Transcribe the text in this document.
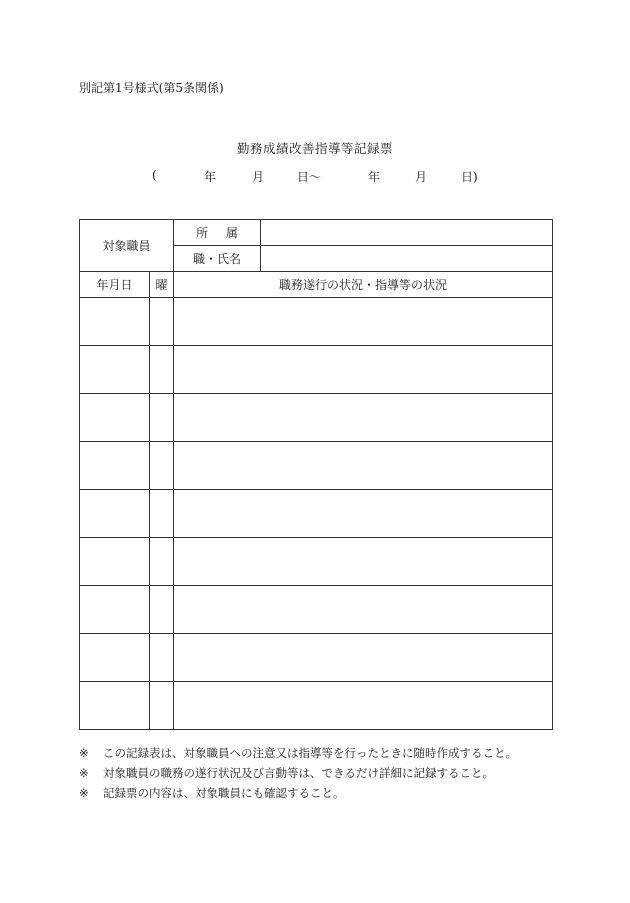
別記第1号様式(第5条関係)
勤務成績改善指導等記録票
(	年	月	日〜	年	月	日)
対象職員		所 属	
		職・氏名	
年月日	曜	職務遂行の状況・指導等の状況	

※ この記録表は、対象職員への注意又は指導等を行ったときに随時作成すること。
※ 対象職員の職務の遂行状況及び言動等は、できるだけ詳細に記録すること。
※ 記録票の内容は、対象職員にも確認すること。
